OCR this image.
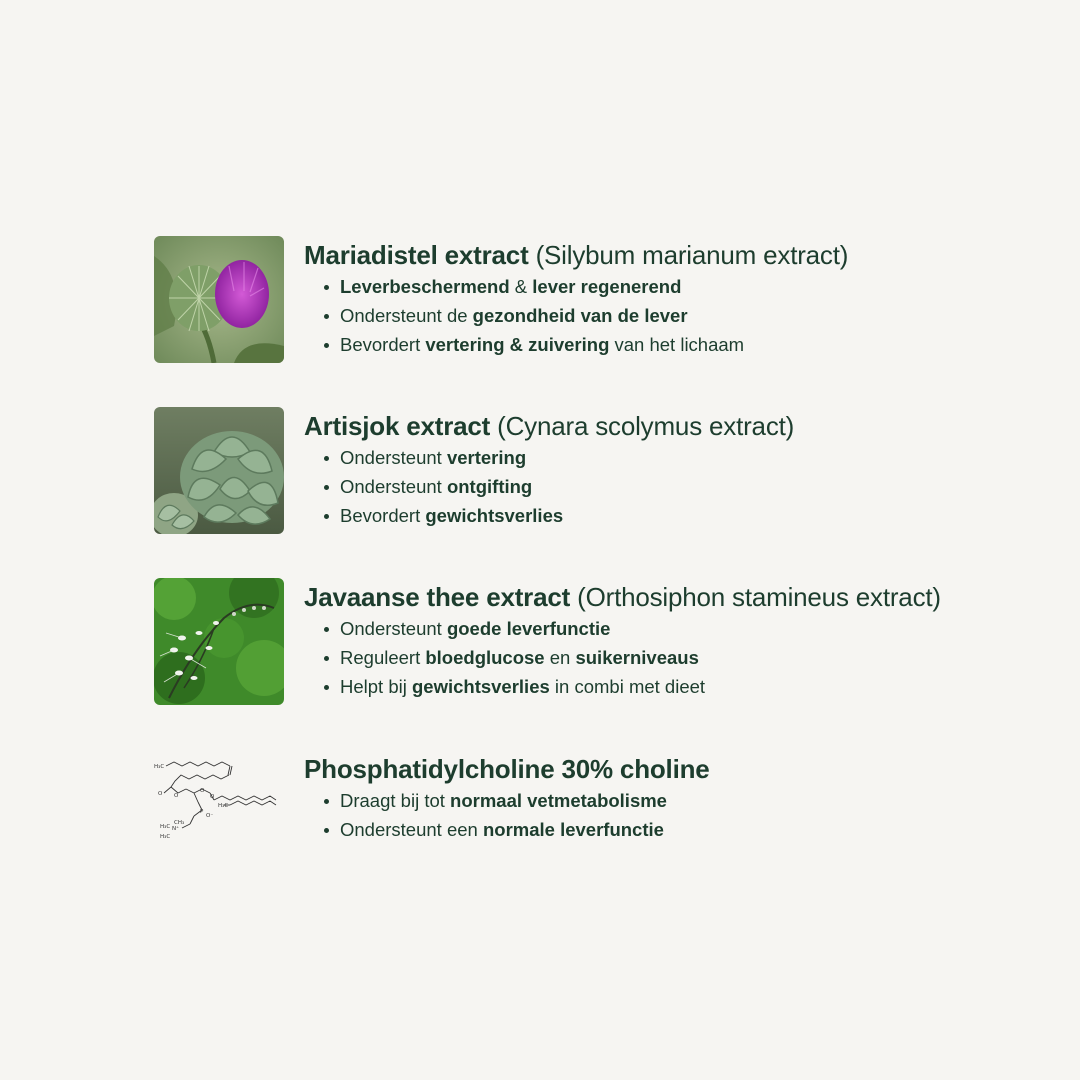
Mariadistel extract (Silybum marianum extract)
Leverbeschermend & lever regenerend
Ondersteunt de gezondheid van de lever
Bevordert vertering & zuivering van het lichaam
Artisjok extract (Cynara scolymus extract)
Ondersteunt vertering
Ondersteunt ontgifting
Bevordert gewichtsverlies
Javaanse thee extract (Orthosiphon stamineus extract)
Ondersteunt goede leverfunctie
Reguleert bloedglucose en suikerniveaus
Helpt bij gewichtsverlies in combi met dieet
H₃C
O O
O
O
H₃C
P
O⁻
CH₃
N⁺
H₃C
H₃C
Phosphatidylcholine 30% choline
Draagt bij tot normaal vetmetabolisme
Ondersteunt een normale leverfunctie
